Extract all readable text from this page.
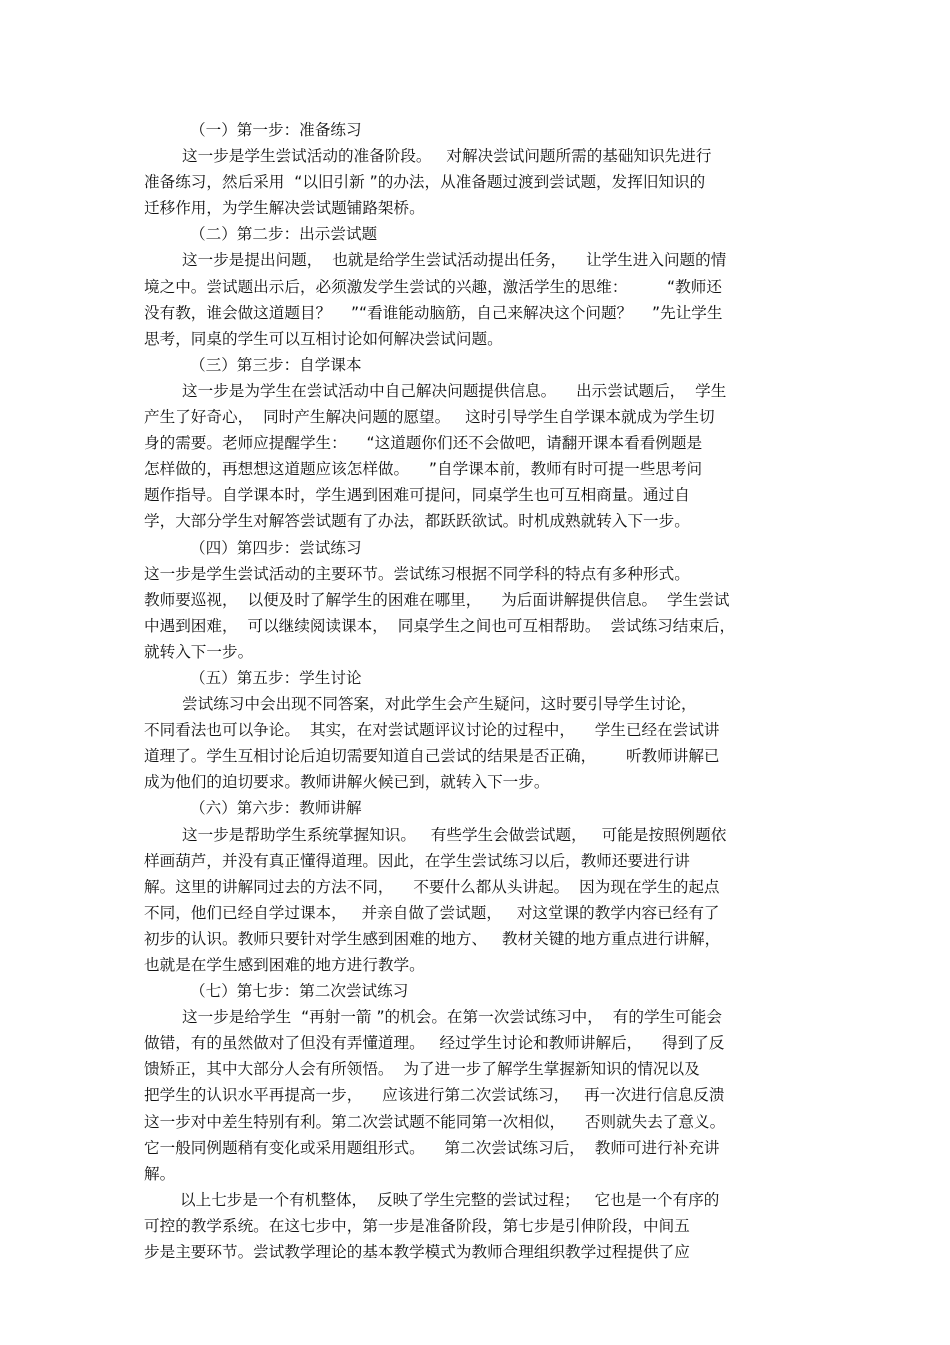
（一）第一步：准备练习
这一步是学生尝试活动的准备阶段。   对解决尝试问题所需的基础知识先进行
准备练习，然后采用  “以旧引新 ”的办法，从准备题过渡到尝试题，发挥旧知识的
迁移作用，为学生解决尝试题铺路架桥。
（二）第二步：出示尝试题
这一步是提出问题，  也就是给学生尝试活动提出任务，    让学生进入问题的情
境之中。尝试题出示后，必须激发学生尝试的兴趣，激活学生的思维：        “教师还
没有教，谁会做这道题目？    ”“看谁能动脑筋，自己来解决这个问题？    ”先让学生
思考，同桌的学生可以互相讨论如何解决尝试问题。
（三）第三步：自学课本
这一步是为学生在尝试活动中自己解决问题提供信息。    出示尝试题后，  学生
产生了好奇心，  同时产生解决问题的愿望。   这时引导学生自学课本就成为学生切
身的需要。老师应提醒学生：    “这道题你们还不会做吧，请翻开课本看看例题是
怎样做的，再想想这道题应该怎样做。    ”自学课本前，教师有时可提一些思考问
题作指导。自学课本时，学生遇到困难可提问，同桌学生也可互相商量。通过自
学，大部分学生对解答尝试题有了办法，都跃跃欲试。时机成熟就转入下一步。
（四）第四步：尝试练习
这一步是学生尝试活动的主要环节。尝试练习根据不同学科的特点有多种形式。
教师要巡视，  以便及时了解学生的困难在哪里，    为后面讲解提供信息。  学生尝试
中遇到困难，  可以继续阅读课本，  同桌学生之间也可互相帮助。  尝试练习结束后，
就转入下一步。
（五）第五步：学生讨论
尝试练习中会出现不同答案，对此学生会产生疑问，这时要引导学生讨论，
不同看法也可以争论。  其实，在对尝试题评议讨论的过程中，    学生已经在尝试讲
道理了。学生互相讨论后迫切需要知道自己尝试的结果是否正确，      听教师讲解已
成为他们的迫切要求。教师讲解火候已到，就转入下一步。
（六）第六步：教师讲解
这一步是帮助学生系统掌握知识。   有些学生会做尝试题，   可能是按照例题依
样画葫芦，并没有真正懂得道理。因此，在学生尝试练习以后，教师还要进行讲
解。这里的讲解同过去的方法不同，    不要什么都从头讲起。  因为现在学生的起点
不同，他们已经自学过课本，   并亲自做了尝试题，   对这堂课的教学内容已经有了
初步的认识。教师只要针对学生感到困难的地方、   教材关键的地方重点进行讲解，
也就是在学生感到困难的地方进行教学。
（七）第七步：第二次尝试练习
这一步是给学生  “再射一箭 ”的机会。在第一次尝试练习中，  有的学生可能会
做错，有的虽然做对了但没有弄懂道理。   经过学生讨论和教师讲解后，    得到了反
馈矫正，其中大部分人会有所领悟。  为了进一步了解学生掌握新知识的情况以及
把学生的认识水平再提高一步，    应该进行第二次尝试练习，   再一次进行信息反溃
这一步对中差生特别有利。第二次尝试题不能同第一次相似，    否则就失去了意义。
它一般同例题稍有变化或采用题组形式。    第二次尝试练习后，  教师可进行补充讲
解。
以上七步是一个有机整体，  反映了学生完整的尝试过程；   它也是一个有序的
可控的教学系统。在这七步中，第一步是准备阶段，第七步是引伸阶段，中间五
步是主要环节。尝试教学理论的基本教学模式为教师合理组织教学过程提供了应
